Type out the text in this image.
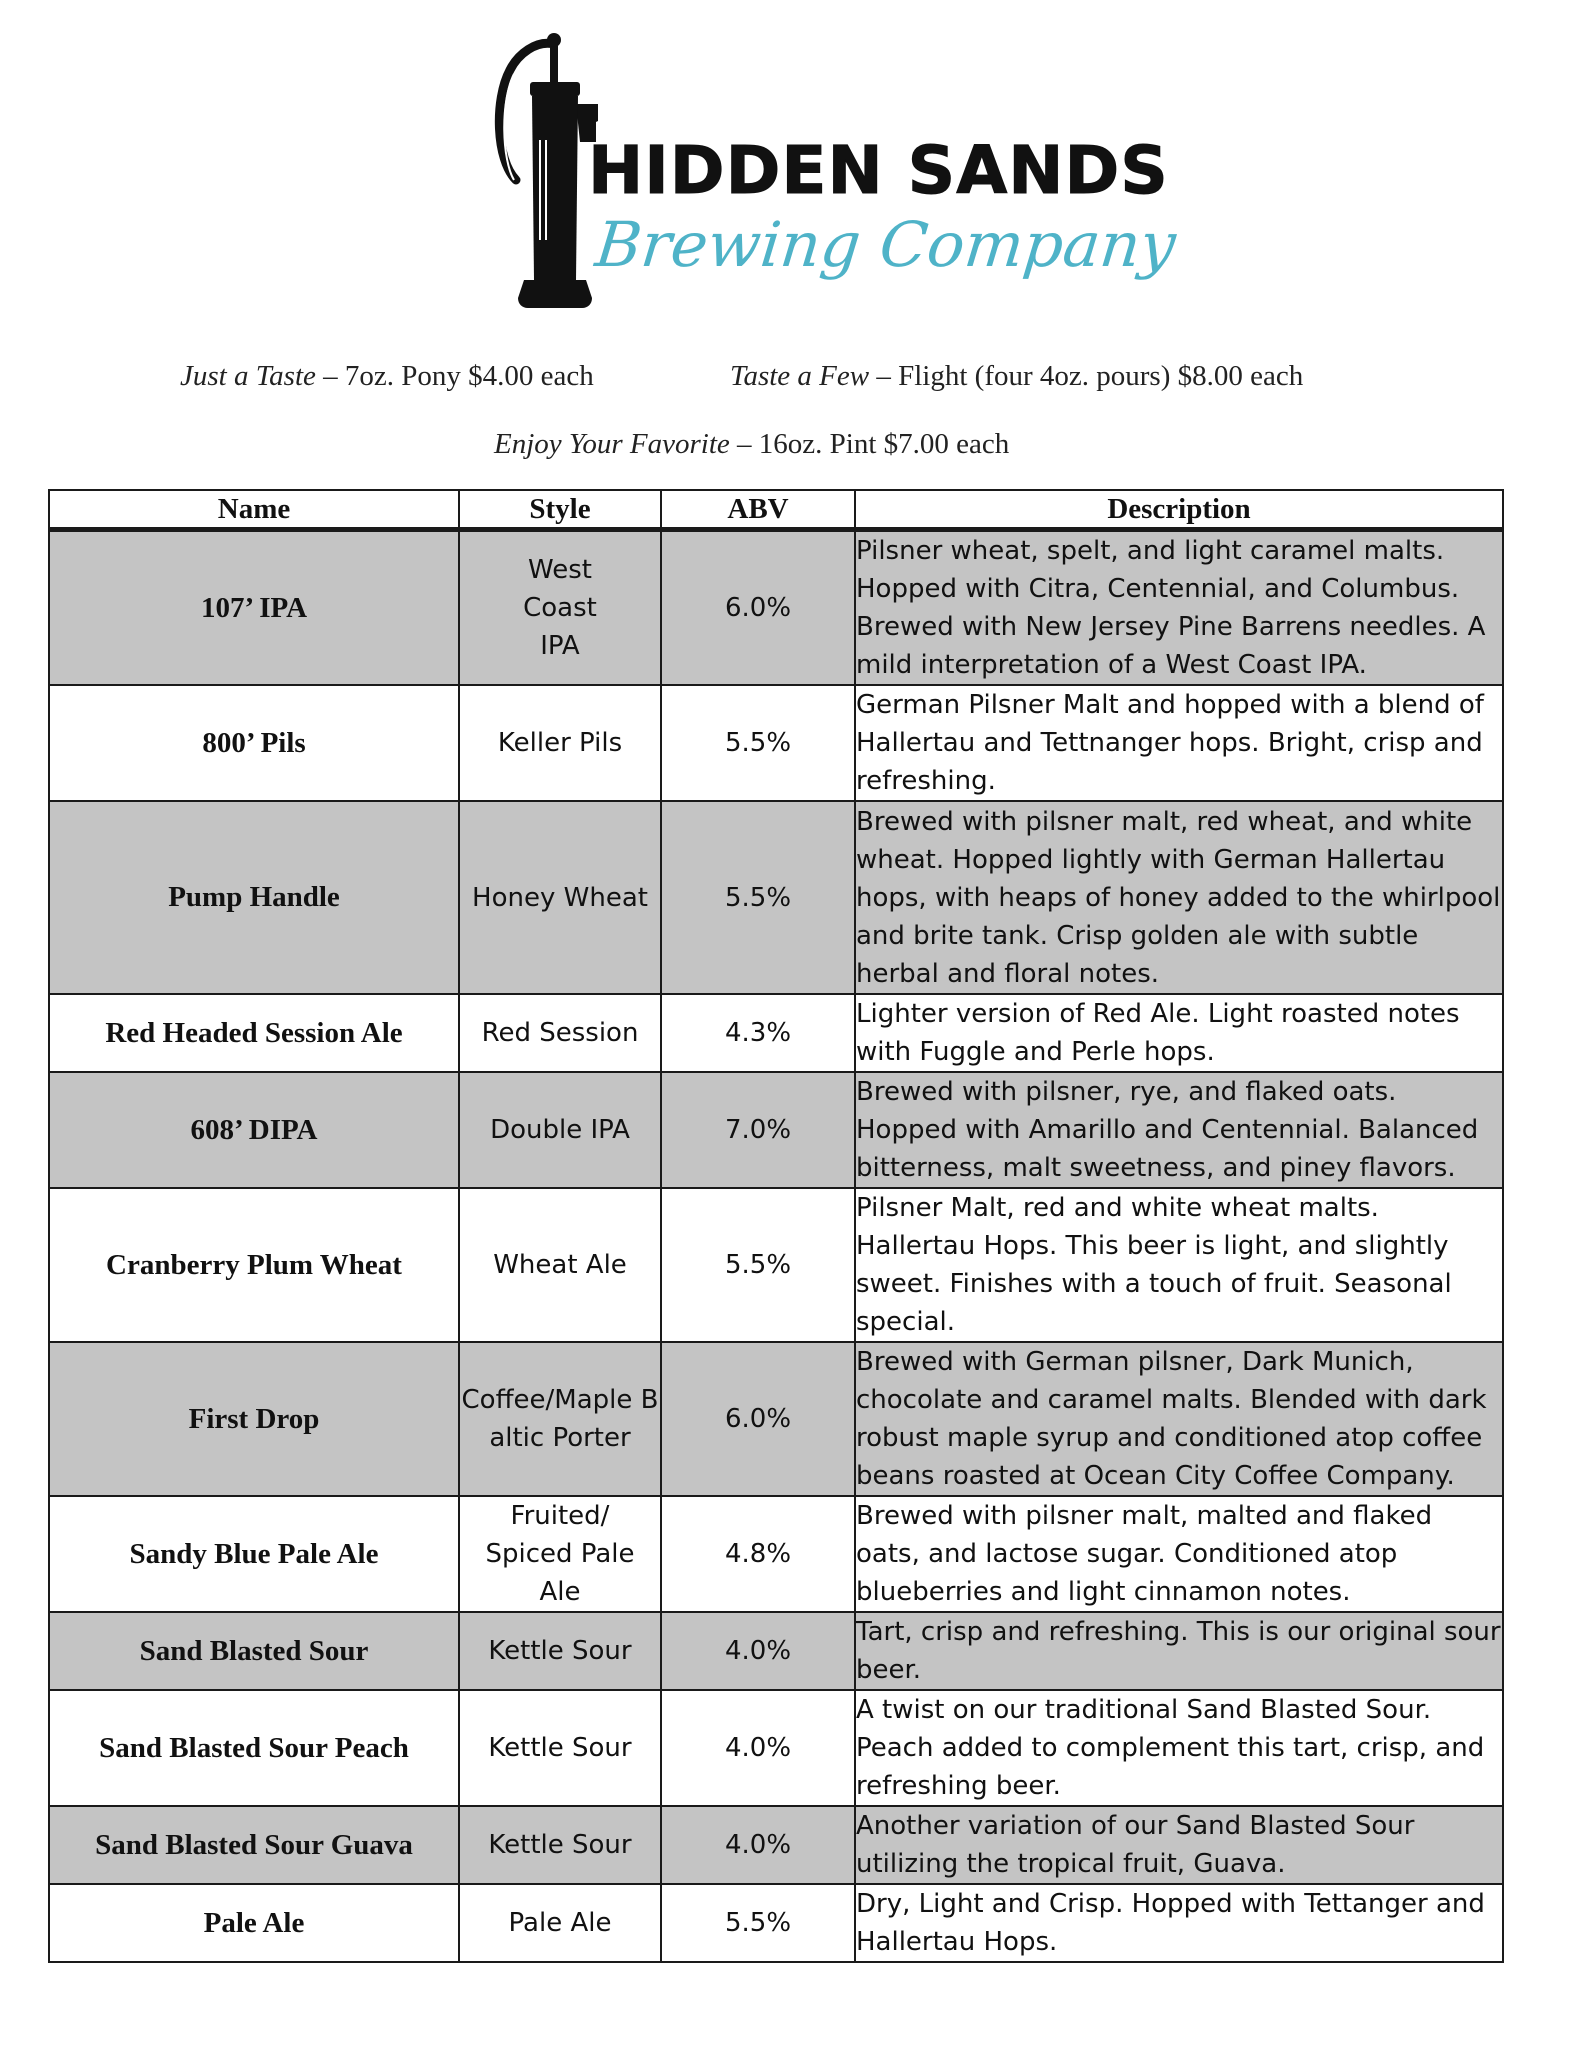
HIDDEN SANDS
Brewing Company
Just a Taste – 7oz. Pony $4.00 each	Taste a Few – Flight (four 4oz. pours) $8.00 each
Enjoy Your Favorite – 16oz. Pint $7.00 each
Name	Style	ABV	Description
107’ IPA	West Coast IPA	6.0%	Pilsner wheat, spelt, and light caramel malts. Hopped with Citra, Centennial, and Columbus. Brewed with New Jersey Pine Barrens needles. A mild interpretation of a West Coast IPA.
800’ Pils	Keller Pils	5.5%	German Pilsner Malt and hopped with a blend of Hallertau and Tettnanger hops. Bright, crisp and refreshing.
Pump Handle	Honey Wheat	5.5%	Brewed with pilsner malt, red wheat, and white wheat. Hopped lightly with German Hallertau hops, with heaps of honey added to the whirlpool and brite tank. Crisp golden ale with subtle herbal and floral notes.
Red Headed Session Ale	Red Session	4.3%	Lighter version of Red Ale. Light roasted notes with Fuggle and Perle hops.
608’ DIPA	Double IPA	7.0%	Brewed with pilsner, rye, and flaked oats. Hopped with Amarillo and Centennial. Balanced bitterness, malt sweetness, and piney flavors.
Cranberry Plum Wheat	Wheat Ale	5.5%	Pilsner Malt, red and white wheat malts. Hallertau Hops. This beer is light, and slightly sweet. Finishes with a touch of fruit. Seasonal special.
First Drop	Coffee/Maple Baltic Porter	6.0%	Brewed with German pilsner, Dark Munich, chocolate and caramel malts. Blended with dark robust maple syrup and conditioned atop coffee beans roasted at Ocean City Coffee Company.
Sandy Blue Pale Ale	Fruited/ Spiced Pale Ale	4.8%	Brewed with pilsner malt, malted and flaked oats, and lactose sugar. Conditioned atop blueberries and light cinnamon notes.
Sand Blasted Sour	Kettle Sour	4.0%	Tart, crisp and refreshing. This is our original sour beer.
Sand Blasted Sour Peach	Kettle Sour	4.0%	A twist on our traditional Sand Blasted Sour. Peach added to complement this tart, crisp, and refreshing beer.
Sand Blasted Sour Guava	Kettle Sour	4.0%	Another variation of our Sand Blasted Sour utilizing the tropical fruit, Guava.
Pale Ale	Pale Ale	5.5%	Dry, Light and Crisp. Hopped with Tettanger and Hallertau Hops.
